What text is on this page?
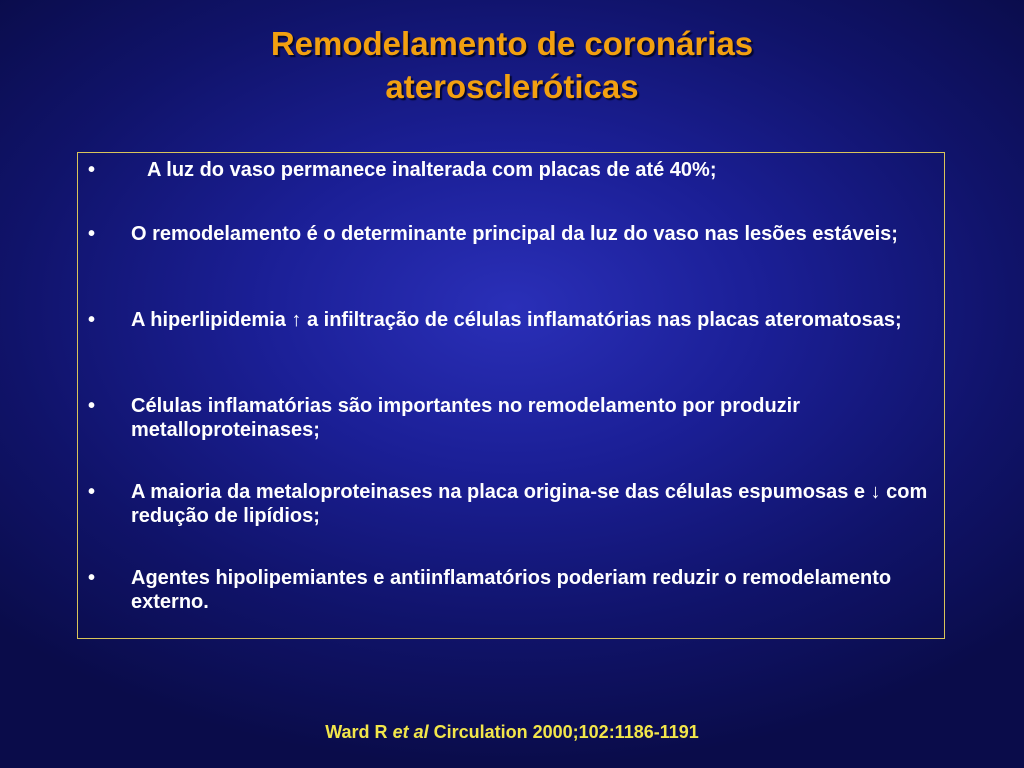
Remodelamento de coronárias
ateroscleróticas
•	A luz do vaso permanece inalterada com placas de até 40%;
• O remodelamento é o determinante principal da luz do vaso nas lesões estáveis;
• A hiperlipidemia ↑ a infiltração de células inflamatórias nas placas ateromatosas;
• Células inflamatórias são importantes no remodelamento por produzir metalloproteinases;
• A maioria da metaloproteinases na placa origina-se das células espumosas e ↓ com redução de lipídios;
• Agentes hipolipemiantes e antiinflamatórios poderiam reduzir o remodelamento externo.
Ward R et al Circulation 2000;102:1186-1191
